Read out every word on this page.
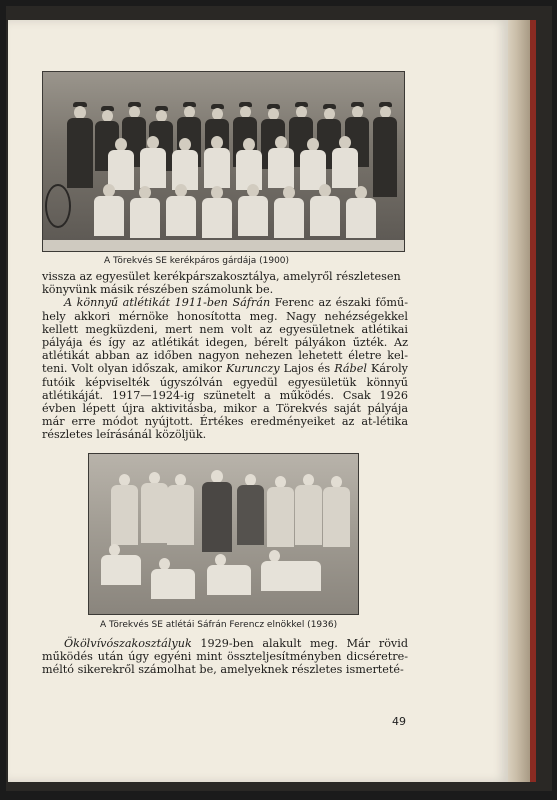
A Törekvés SE kerékpáros gárdája (1900)

vissza az egyesület kerékpárszakosztálya, amelyről részletesen

könyvünk másik részében számolunk be.

A könnyű atlétikát 1911-ben Sáfrán Ferenc az északi főmű-hely akkori mérnöke honosította meg. Nagy nehézségekkel kellett megküzdeni, mert nem volt az egyesületnek atlétikai pályája és így az atlétikát idegen, bérelt pályákon űzték. Az atlétikát abban az időben nagyon nehezen lehetett életre kel-teni. Volt olyan időszak, amikor Kurunczy Lajos és Rábel Károly futóik képviselték úgyszólván egyedül egyesületük könnyű atlétikáját. 1917—1924-ig szünetelt a működés. Csak 1926 évben lépett újra aktivitásba, mikor a Törekvés saját pályája már erre módot nyújtott. Értékes eredményeiket az at-létika részletes leírásánál közöljük.

A Törekvés SE atlétái Sáfrán Ferencz elnökkel (1936)

Ökölvívószakosztályuk 1929-ben alakult meg. Már rövid működés után úgy egyéni mint összteljesítményben dicséretre-méltó sikerekről számolhat be, amelyeknek részletes ismerteté-

49
